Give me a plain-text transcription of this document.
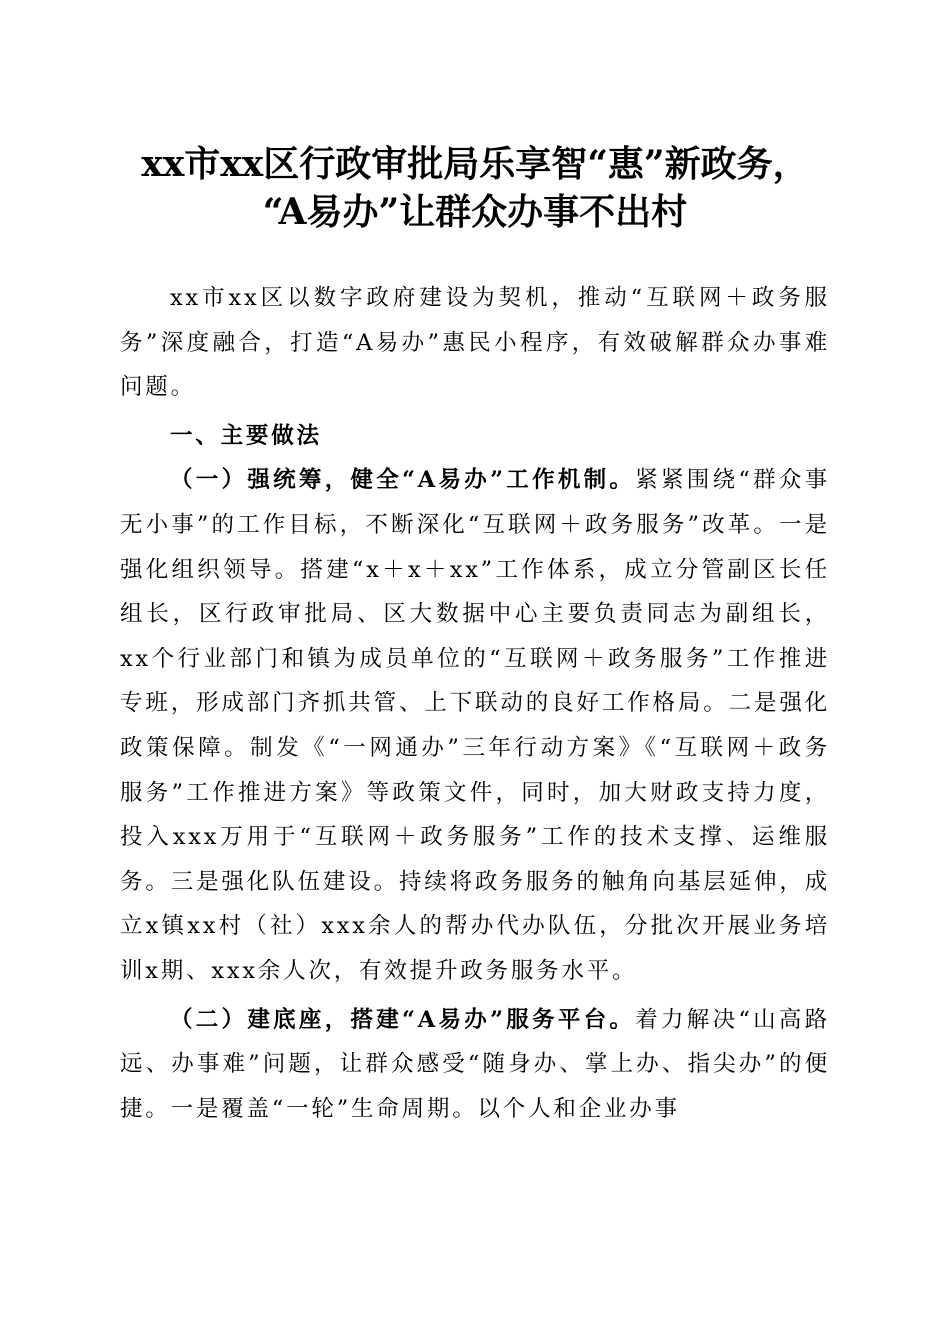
xx市xx区行政审批局乐享智“惠”新政务，
“A易办”让群众办事不出村

xx市xx区以数字政府建设为契机，推动“互联网＋政务服务”深度融合，打造“A易办”惠民小程序，有效破解群众办事难问题。

一、主要做法

（一）强统筹，健全“A易办”工作机制。紧紧围绕“群众事无小事”的工作目标，不断深化“互联网＋政务服务”改革。一是强化组织领导。搭建“x＋x＋xx”工作体系，成立分管副区长任组长，区行政审批局、区大数据中心主要负责同志为副组长，xx个行业部门和镇为成员单位的“互联网＋政务服务”工作推进专班，形成部门齐抓共管、上下联动的良好工作格局。二是强化政策保障。制发《“一网通办”三年行动方案》《“互联网＋政务服务”工作推进方案》等政策文件，同时，加大财政支持力度，投入xxx万用于“互联网＋政务服务”工作的技术支撑、运维服务。三是强化队伍建设。持续将政务服务的触角向基层延伸，成立x镇xx村（社）xxx余人的帮办代办队伍，分批次开展业务培训x期、xxx余人次，有效提升政务服务水平。

（二）建底座，搭建“A易办”服务平台。着力解决“山高路远、办事难”问题，让群众感受“随身办、掌上办、指尖办”的便捷。一是覆盖“一轮”生命周期。以个人和企业办事
